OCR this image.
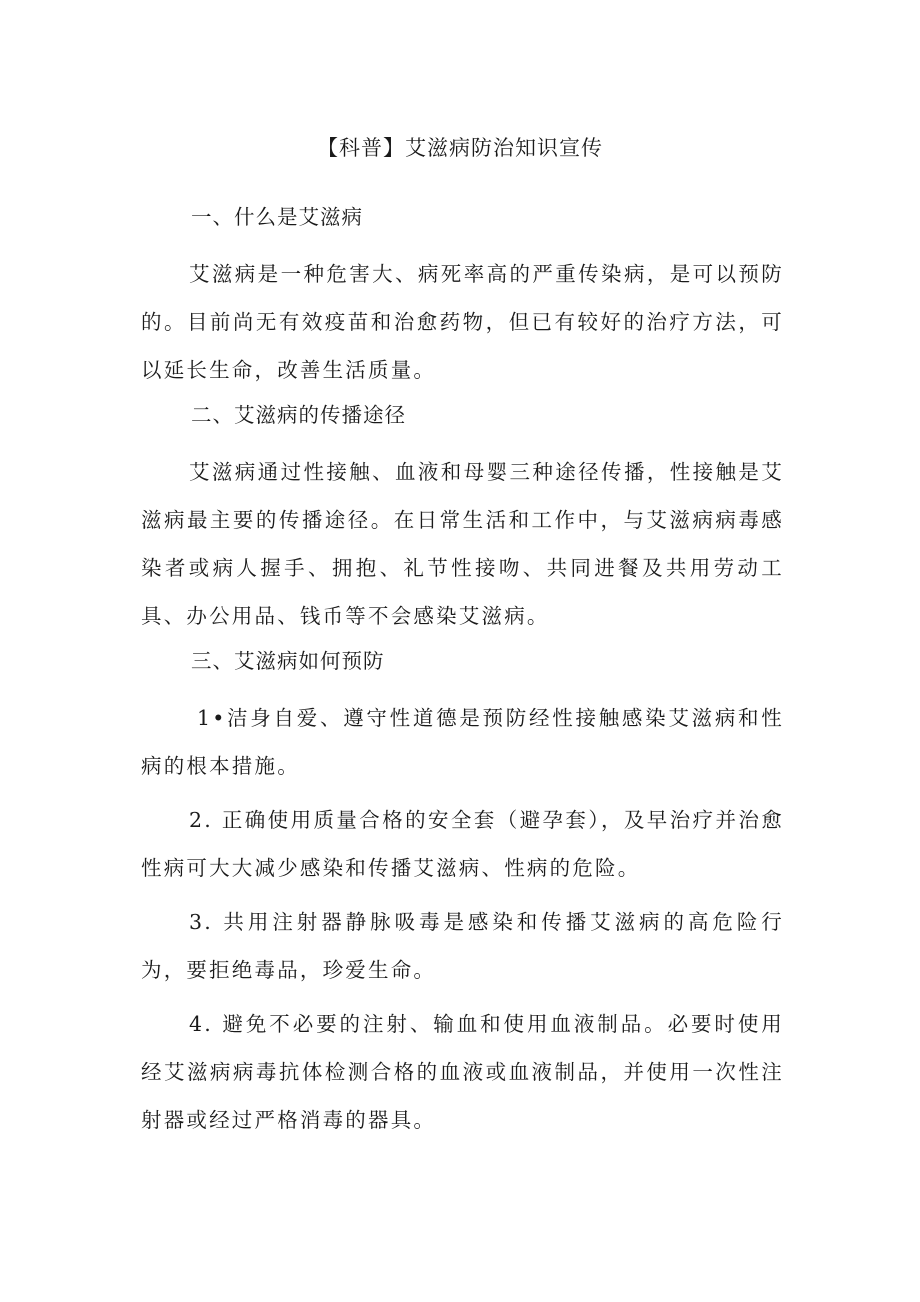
【科普】艾滋病防治知识宣传
一、什么是艾滋病

艾滋病是一种危害大、病死率高的严重传染病，是可以预防的。目前尚无有效疫苗和治愈药物，但已有较好的治疗方法，可以延长生命，改善生活质量。

二、艾滋病的传播途径

艾滋病通过性接触、血液和母婴三种途径传播，性接触是艾滋病最主要的传播途径。在日常生活和工作中，与艾滋病病毒感染者或病人握手、拥抱、礼节性接吻、共同进餐及共用劳动工具、办公用品、钱币等不会感染艾滋病。

三、艾滋病如何预防

1•洁身自爱、遵守性道德是预防经性接触感染艾滋病和性病的根本措施。

2. 正确使用质量合格的安全套（避孕套），及早治疗并治愈性病可大大减少感染和传播艾滋病、性病的危险。

3. 共用注射器静脉吸毒是感染和传播艾滋病的高危险行为，要拒绝毒品，珍爱生命。

4. 避免不必要的注射、输血和使用血液制品。必要时使用经艾滋病病毒抗体检测合格的血液或血液制品，并使用一次性注射器或经过严格消毒的器具。
